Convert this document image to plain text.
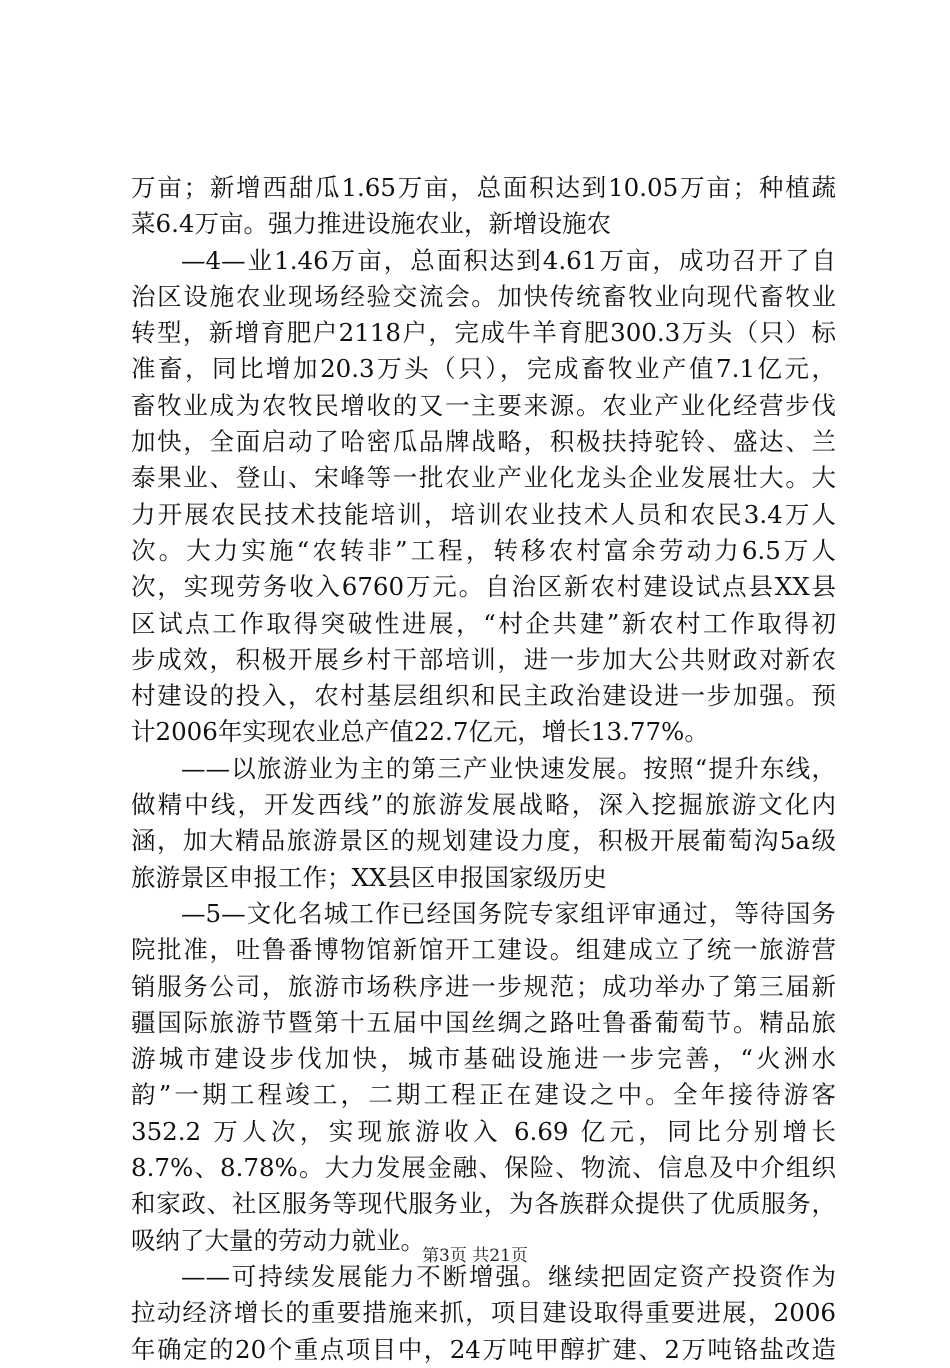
万亩；新增西甜瓜1.65万亩，总面积达到10.05万亩；种植蔬
菜6.4万亩。强力推进设施农业，新增设施农
—4—业1.46万亩，总面积达到4.61万亩，成功召开了自
治区设施农业现场经验交流会。加快传统畜牧业向现代畜牧业
转型，新增育肥户2118户，完成牛羊育肥300.3万头（只）标
准畜，同比增加20.3万头（只），完成畜牧业产值7.1亿元，
畜牧业成为农牧民增收的又一主要来源。农业产业化经营步伐
加快，全面启动了哈密瓜品牌战略，积极扶持驼铃、盛达、兰
泰果业、登山、宋峰等一批农业产业化龙头企业发展壮大。大
力开展农民技术技能培训，培训农业技术人员和农民3.4万人
次。大力实施“农转非”工程，转移农村富余劳动力6.5万人
次，实现劳务收入6760万元。自治区新农村建设试点县XX县
区试点工作取得突破性进展，“村企共建”新农村工作取得初
步成效，积极开展乡村干部培训，进一步加大公共财政对新农
村建设的投入，农村基层组织和民主政治建设进一步加强。预
计2006年实现农业总产值22.7亿元，增长13.77%。
——以旅游业为主的第三产业快速发展。按照“提升东线，
做精中线，开发西线”的旅游发展战略，深入挖掘旅游文化内
涵，加大精品旅游景区的规划建设力度，积极开展葡萄沟5a级
旅游景区申报工作；XX县区申报国家级历史
—5—文化名城工作已经国务院专家组评审通过，等待国务
院批准，吐鲁番博物馆新馆开工建设。组建成立了统一旅游营
销服务公司，旅游市场秩序进一步规范；成功举办了第三届新
疆国际旅游节暨第十五届中国丝绸之路吐鲁番葡萄节。精品旅
游城市建设步伐加快，城市基础设施进一步完善，“火洲水
韵”一期工程竣工，二期工程正在建设之中。全年接待游客
352.2 万人次，实现旅游收入 6.69 亿元，同比分别增长
8.7%、8.78%。大力发展金融、保险、物流、信息及中介组织
和家政、社区服务等现代服务业，为各族群众提供了优质服务，
吸纳了大量的劳动力就业。
——可持续发展能力不断增强。继续把固定资产投资作为
拉动经济增长的重要措施来抓，项目建设取得重要进展，2006
年确定的20个重点项目中，24万吨甲醇扩建、2万吨铬盐改造
第3页 共21页
